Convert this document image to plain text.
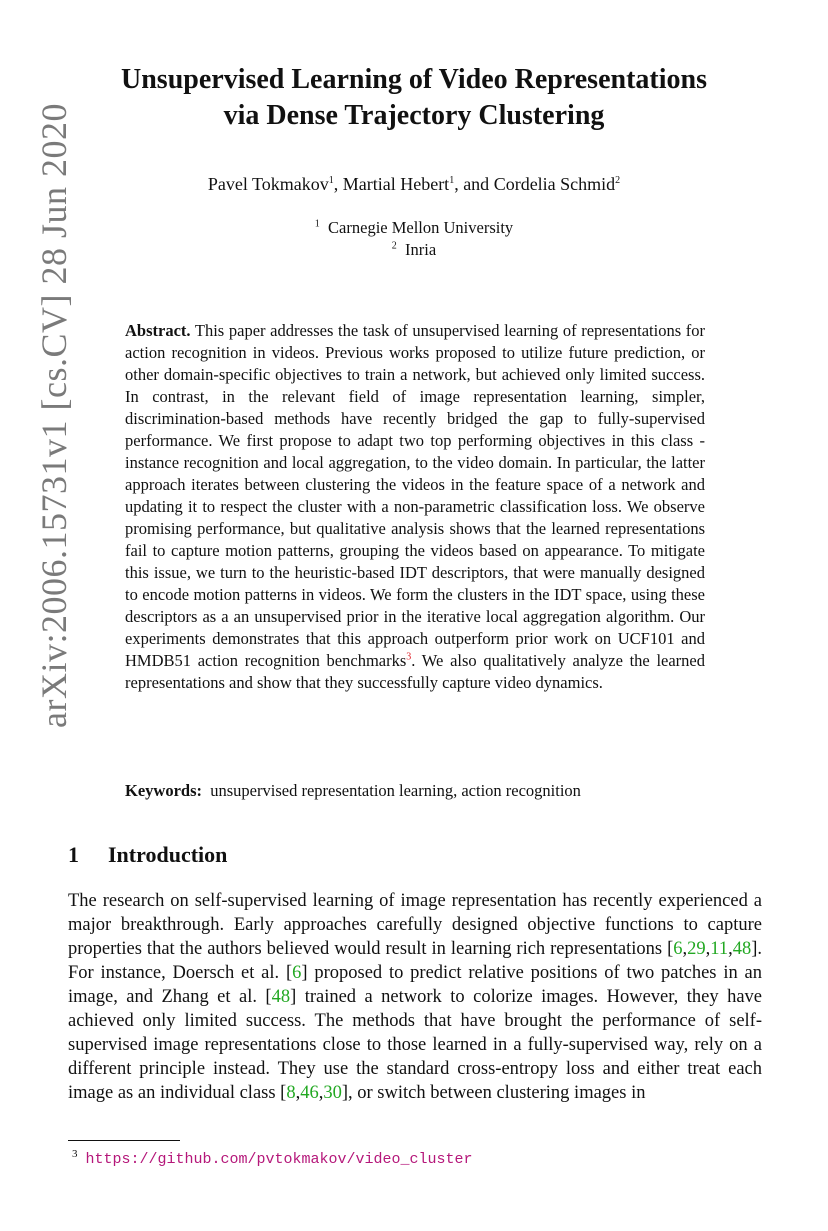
arXiv:2006.15731v1 [cs.CV] 28 Jun 2020
Unsupervised Learning of Video Representations
via Dense Trajectory Clustering
Pavel Tokmakov$^1$, Martial Hebert$^1$, and Cordelia Schmid$^2$
$^1$ Carnegie Mellon University
$^2$ Inria
Abstract. This paper addresses the task of unsupervised learning of representations for action recognition in videos. Previous works proposed to utilize future prediction, or other domain-specific objectives to train a network, but achieved only limited success. In contrast, in the relevant field of image representation learning, simpler, discrimination-based methods have recently bridged the gap to fully-supervised performance. We first propose to adapt two top performing objectives in this class - instance recognition and local aggregation, to the video domain. In particular, the latter approach iterates between clustering the videos in the feature space of a network and updating it to respect the cluster with a non-parametric classification loss. We observe promising performance, but qualitative analysis shows that the learned representations fail to capture motion patterns, grouping the videos based on appearance. To mitigate this issue, we turn to the heuristic-based IDT descriptors, that were manually designed to encode motion patterns in videos. We form the clusters in the IDT space, using these descriptors as a an unsupervised prior in the iterative local aggregation algorithm. Our experiments demonstrates that this approach outperform prior work on UCF101 and HMDB51 action recognition benchmarks$^3$. We also qualitatively analyze the learned representations and show that they successfully capture video dynamics.
Keywords: unsupervised representation learning, action recognition
1 Introduction

The research on self-supervised learning of image representation has recently experienced a major breakthrough. Early approaches carefully designed objective functions to capture properties that the authors believed would result in learning rich representations [6,29,11,48]. For instance, Doersch et al. [6] proposed to predict relative positions of two patches in an image, and Zhang et al. [48] trained a network to colorize images. However, they have achieved only limited success. The methods that have brought the performance of self-supervised image representations close to those learned in a fully-supervised way, rely on a different principle instead. They use the standard cross-entropy loss and either treat each image as an individual class [8,46,30], or switch between clustering images in

$^3$ https://github.com/pvtokmakov/video_cluster
